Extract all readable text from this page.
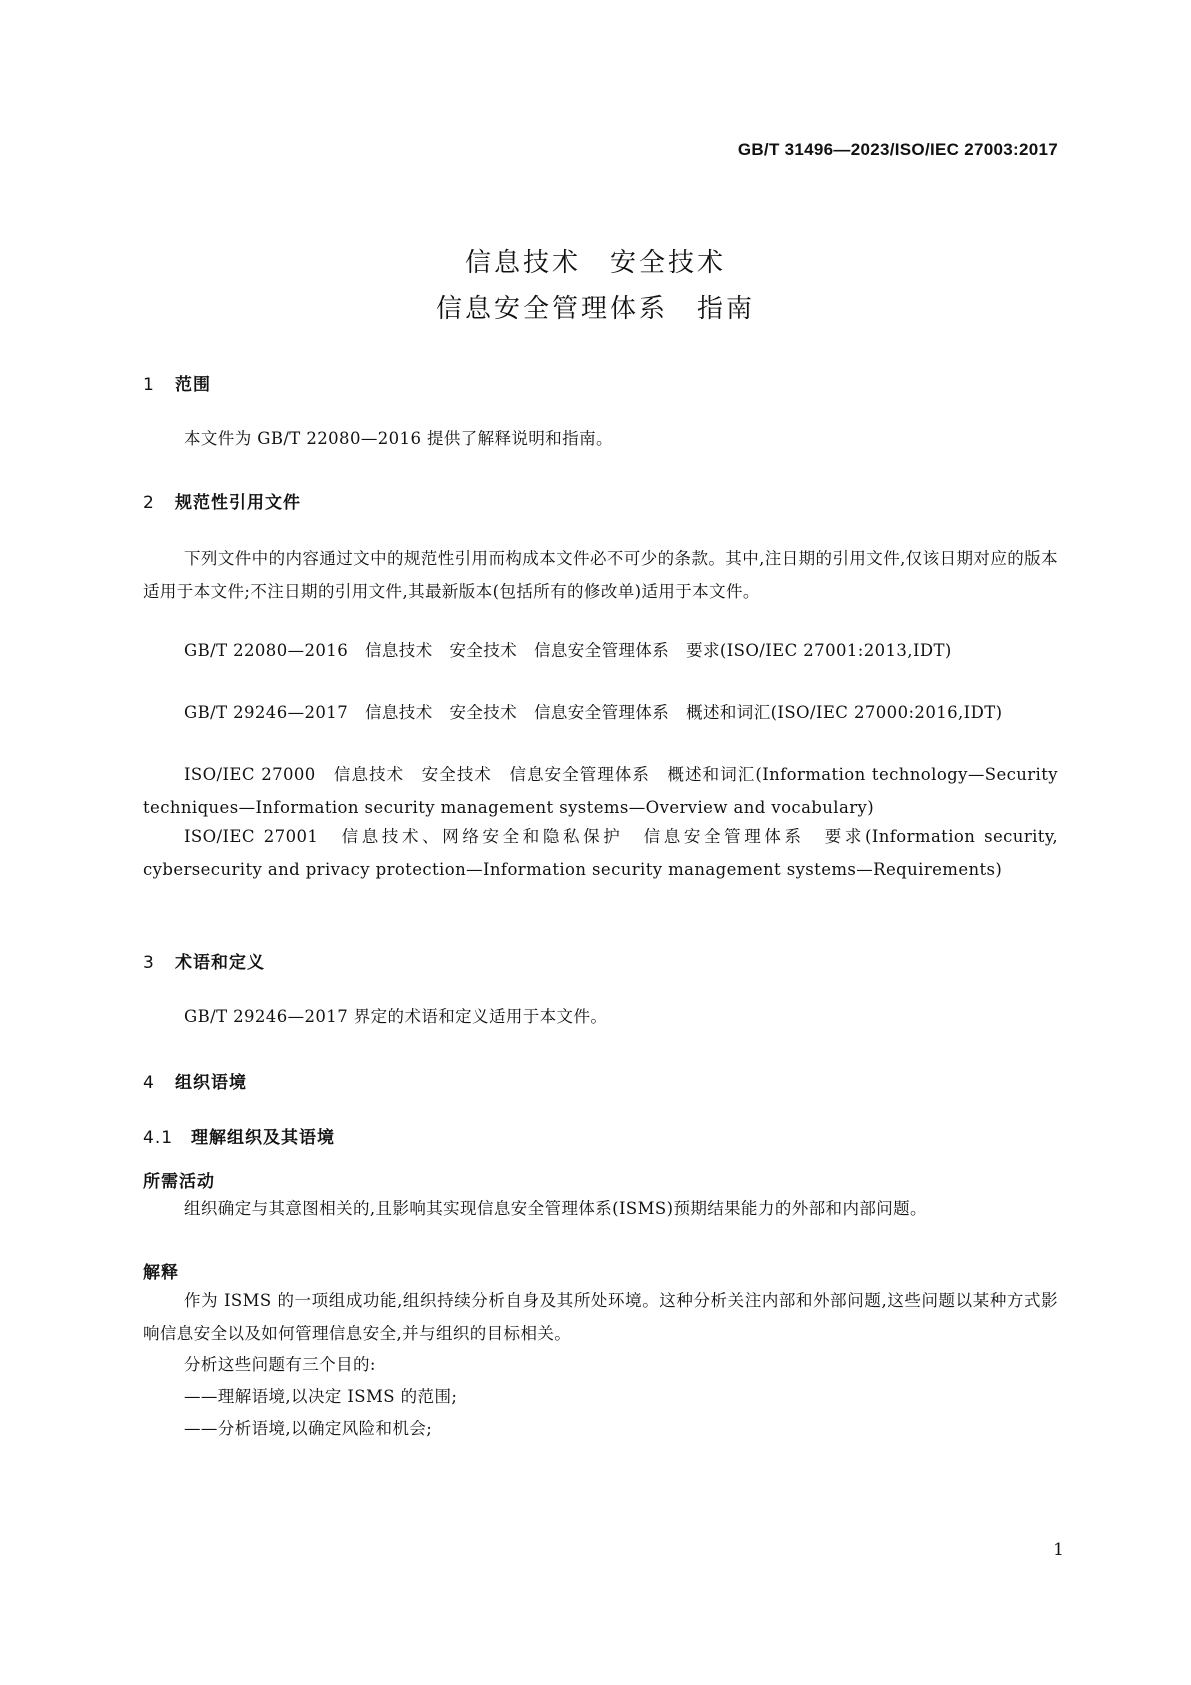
GB/T 31496—2023/ISO/IEC 27003:2017
信息技术　安全技术
信息安全管理体系　指南
1 范围
本文件为 GB/T 22080—2016 提供了解释说明和指南。
2 规范性引用文件
下列文件中的内容通过文中的规范性引用而构成本文件必不可少的条款。其中,注日期的引用文件,仅该日期对应的版本适用于本文件;不注日期的引用文件,其最新版本(包括所有的修改单)适用于本文件。
GB/T 22080—2016　信息技术　安全技术　信息安全管理体系　要求(ISO/IEC 27001:2013,IDT)
GB/T 29246—2017　信息技术　安全技术　信息安全管理体系　概述和词汇(ISO/IEC 27000:2016,IDT)
ISO/IEC 27000　信息技术　安全技术　信息安全管理体系　概述和词汇(Information technology—Security techniques—Information security management systems—Overview and vocabulary)
ISO/IEC 27001　信息技术、网络安全和隐私保护　信息安全管理体系　要求(Information security, cybersecurity and privacy protection—Information security management systems—Requirements)
3 术语和定义
GB/T 29246—2017 界定的术语和定义适用于本文件。
4 组织语境
4.1 理解组织及其语境
所需活动
组织确定与其意图相关的,且影响其实现信息安全管理体系(ISMS)预期结果能力的外部和内部问题。
解释
作为 ISMS 的一项组成功能,组织持续分析自身及其所处环境。这种分析关注内部和外部问题,这些问题以某种方式影响信息安全以及如何管理信息安全,并与组织的目标相关。
分析这些问题有三个目的:
——理解语境,以决定 ISMS 的范围;
——分析语境,以确定风险和机会;
1
